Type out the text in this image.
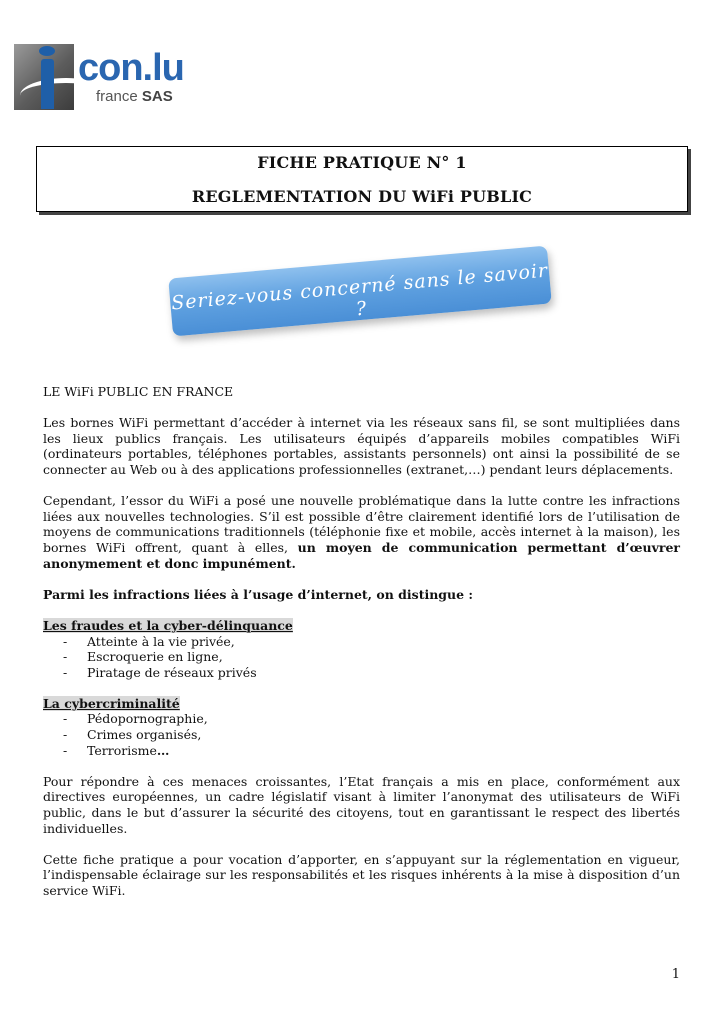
con.lu
france SAS
FICHE PRATIQUE N° 1
REGLEMENTATION DU WiFi PUBLIC
Seriez-vous concerné sans le savoir ?

LE WiFi PUBLIC EN FRANCE

Les bornes WiFi permettant d’accéder à internet via les réseaux sans fil, se sont multipliées dans les lieux publics français. Les utilisateurs équipés d’appareils mobiles compatibles WiFi (ordinateurs portables, téléphones portables, assistants personnels) ont ainsi la possibilité de se connecter au Web ou à des applications professionnelles (extranet,…) pendant leurs déplacements.

Cependant, l’essor du WiFi a posé une nouvelle problématique dans la lutte contre les infractions liées aux nouvelles technologies. S’il est possible d’être clairement identifié lors de l’utilisation de moyens de communications traditionnels (téléphonie fixe et mobile, accès internet à la maison), les bornes WiFi offrent, quant à elles, un moyen de communication permettant d’œuvrer anonymement et donc impunément.

Parmi les infractions liées à l’usage d’internet, on distingue :

Les fraudes et la cyber-délinquance

- Atteinte à la vie privée,
- Escroquerie en ligne,
- Piratage de réseaux privés

La cybercriminalité

- Pédopornographie,
- Crimes organisés,
- Terrorisme…

Pour répondre à ces menaces croissantes, l’Etat français a mis en place, conformément aux directives européennes, un cadre législatif visant à limiter l’anonymat des utilisateurs de WiFi public, dans le but d’assurer la sécurité des citoyens, tout en garantissant le respect des libertés individuelles.

Cette fiche pratique a pour vocation d’apporter, en s’appuyant sur la réglementation en vigueur, l’indispensable éclairage sur les responsabilités et les risques inhérents à la mise à disposition d’un service WiFi.

1
